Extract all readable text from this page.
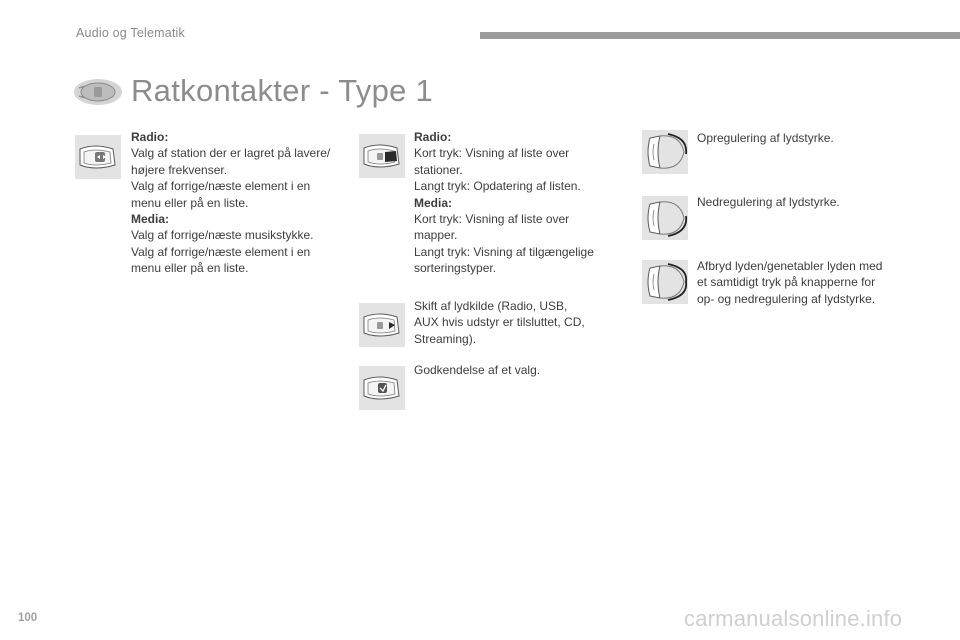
Audio og Telematik
Ratkontakter - Type 1
Radio:
Valg af station der er lagret på lavere/
højere frekvenser.
Valg af forrige/næste element i en
menu eller på en liste.
Media:
Valg af forrige/næste musikstykke.
Valg af forrige/næste element i en
menu eller på en liste.
Radio:
Kort tryk: Visning af liste over
stationer.
Langt tryk: Opdatering af listen.
Media:
Kort tryk: Visning af liste over
mapper.
Langt tryk: Visning af tilgængelige
sorteringstyper.
Skift af lydkilde (Radio, USB,
AUX hvis udstyr er tilsluttet, CD,
Streaming).
Godkendelse af et valg.
Opregulering af lydstyrke.
Nedregulering af lydstyrke.
Afbryd lyden/genetabler lyden med
et samtidigt tryk på knapperne for
op- og nedregulering af lydstyrke.
100	carmanualsonline.info
